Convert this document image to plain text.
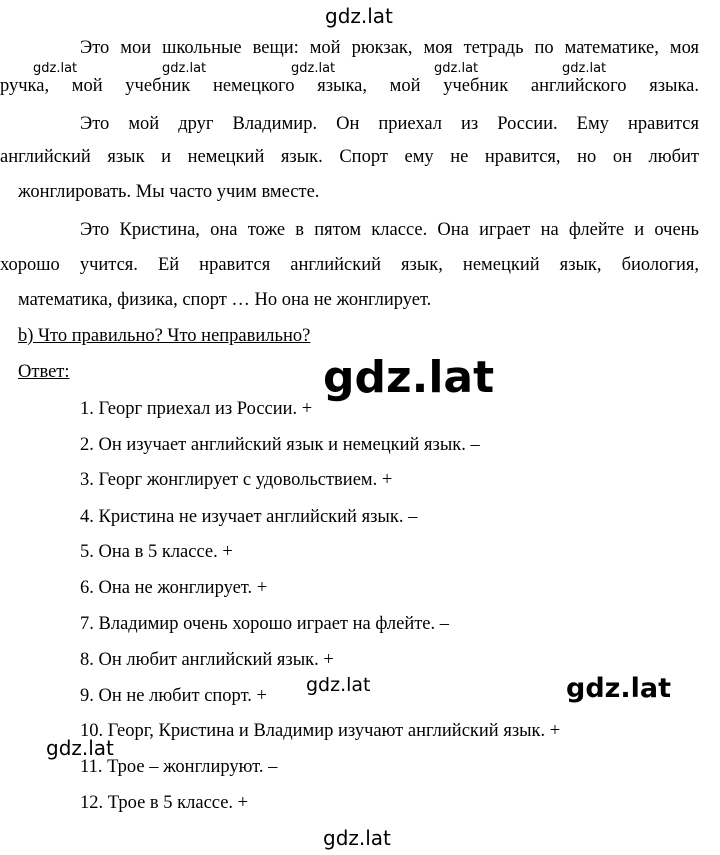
Это мои школьные вещи: мой рюкзак, моя тетрадь по математике, моя

ручка, мой учебник немецкого языка, мой учебник английского языка.

Это мой друг Владимир. Он приехал из России. Ему нравится

английский язык и немецкий язык. Спорт ему не нравится, но он любит

жонглировать. Мы часто учим вместе.

Это Кристина, она тоже в пятом классе. Она играет на флейте и очень

хорошо учится. Ей нравится английский язык, немецкий язык, биология,

математика, физика, спорт … Но она не жонглирует.

b) Что правильно? Что неправильно?

Ответ:

1. Георг приехал из России. +

2. Он изучает английский язык и немецкий язык. –

3. Георг жонглирует с удовольствием. +

4. Кристина не изучает английский язык. –

5. Она в 5 классе. +

6. Она не жонглирует. +

7. Владимир очень хорошо играет на флейте. –

8. Он любит английский язык. +

9. Он не любит спорт. +

10. Георг, Кристина и Владимир изучают английский язык. +

11. Трое – жонглируют. –

12. Трое в 5 классе. +

gdz.lat
gdz.lat	gdz.lat	gdz.lat	gdz.lat	gdz.lat
gdz.lat
gdz.lat	gdz.lat
gdz.lat
gdz.lat
